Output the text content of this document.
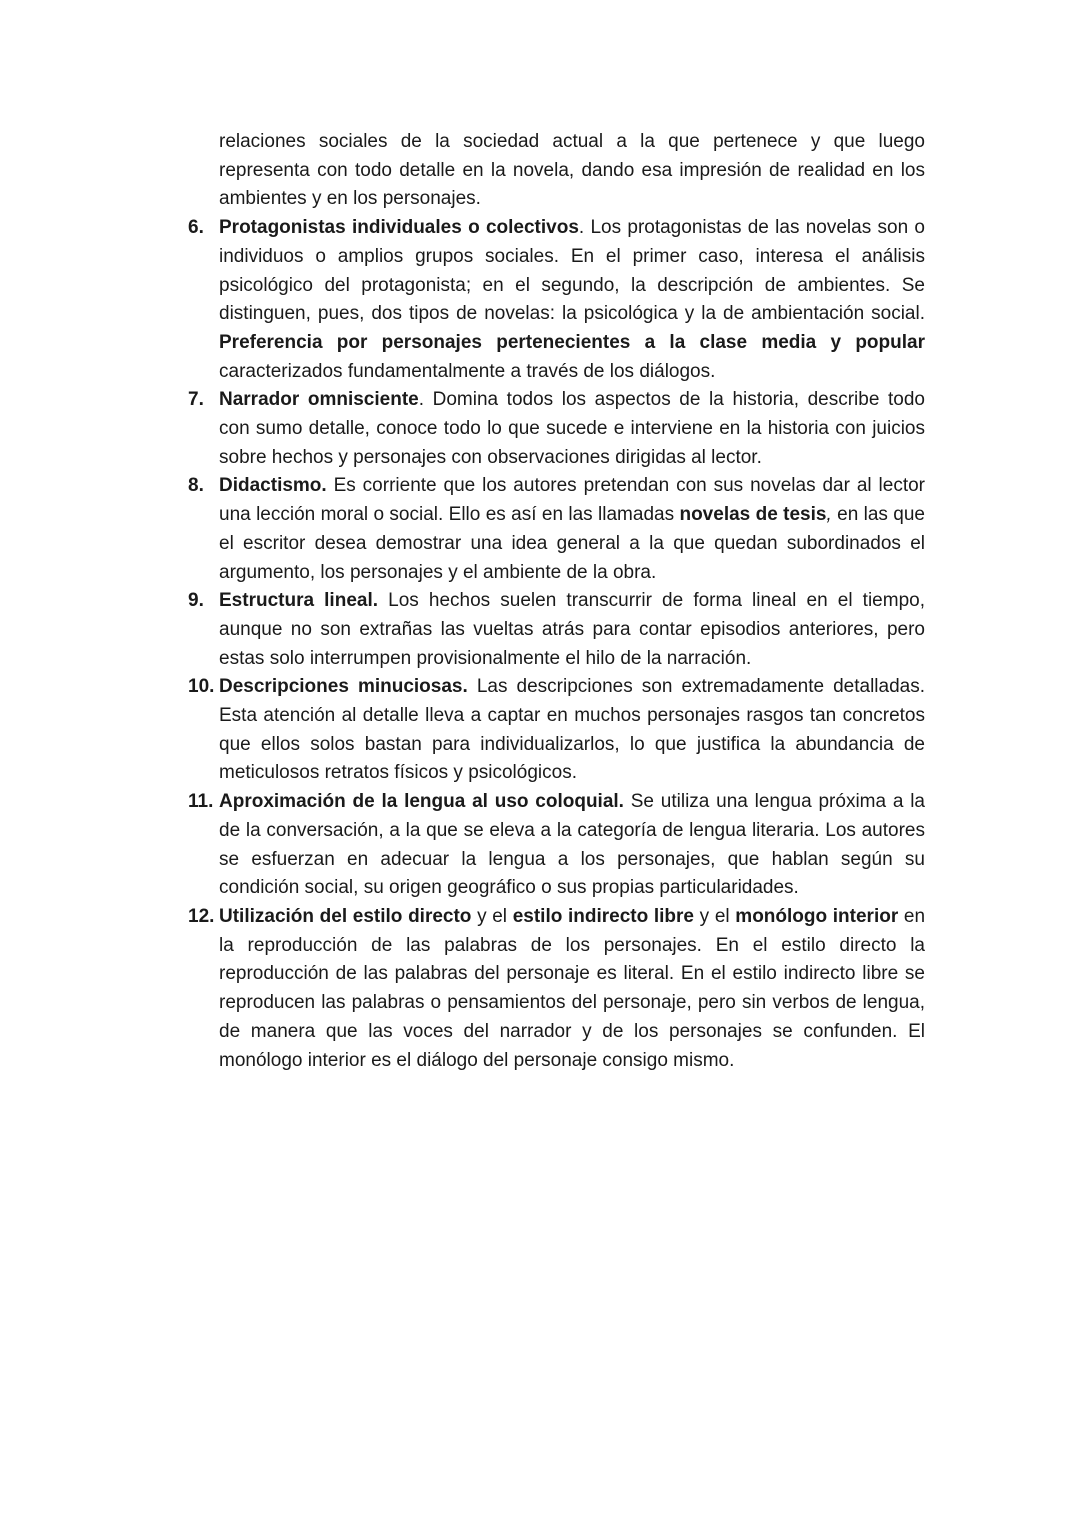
relaciones sociales de la sociedad actual a la que pertenece y que luego representa con todo detalle en la novela, dando esa impresión de realidad en los ambientes y en los personajes.

6. Protagonistas individuales o colectivos. Los protagonistas de las novelas son o individuos o amplios grupos sociales. En el primer caso, interesa el análisis psicológico del protagonista; en el segundo, la descripción de ambientes. Se distinguen, pues, dos tipos de novelas: la psicológica y la de ambientación social. Preferencia por personajes pertenecientes a la clase media y popular caracterizados fundamentalmente a través de los diálogos.

7. Narrador omnisciente. Domina todos los aspectos de la historia, describe todo con sumo detalle, conoce todo lo que sucede e interviene en la historia con juicios sobre hechos y personajes con observaciones dirigidas al lector.

8. Didactismo. Es corriente que los autores pretendan con sus novelas dar al lector una lección moral o social. Ello es así en las llamadas novelas de tesis, en las que el escritor desea demostrar una idea general a la que quedan subordinados el argumento, los personajes y el ambiente de la obra.

9. Estructura lineal. Los hechos suelen transcurrir de forma lineal en el tiempo, aunque no son extrañas las vueltas atrás para contar episodios anteriores, pero estas solo interrumpen provisionalmente el hilo de la narración.

10. Descripciones minuciosas. Las descripciones son extremadamente detalladas. Esta atención al detalle lleva a captar en muchos personajes rasgos tan concretos que ellos solos bastan para individualizarlos, lo que justifica la abundancia de meticulosos retratos físicos y psicológicos.

11. Aproximación de la lengua al uso coloquial. Se utiliza una lengua próxima a la de la conversación, a la que se eleva a la categoría de lengua literaria. Los autores se esfuerzan en adecuar la lengua a los personajes, que hablan según su condición social, su origen geográfico o sus propias particularidades.

12. Utilización del estilo directo y el estilo indirecto libre y el monólogo interior en la reproducción de las palabras de los personajes. En el estilo directo la reproducción de las palabras del personaje es literal. En el estilo indirecto libre se reproducen las palabras o pensamientos del personaje, pero sin verbos de lengua, de manera que las voces del narrador y de los personajes se confunden. El monólogo interior es el diálogo del personaje consigo mismo.
